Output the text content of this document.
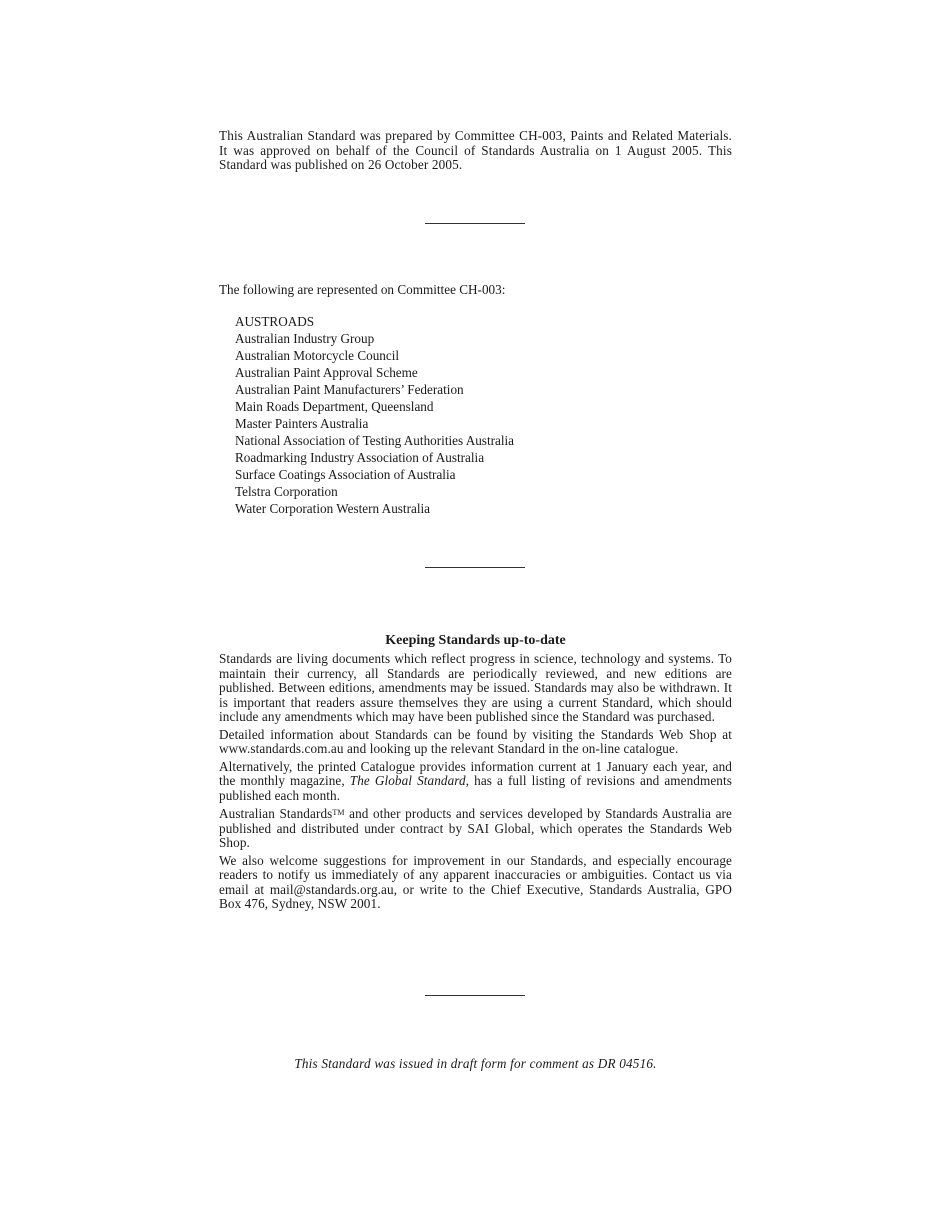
This Australian Standard was prepared by Committee CH-003, Paints and Related Materials. It was approved on behalf of the Council of Standards Australia on 1 August 2005. This Standard was published on 26 October 2005.

The following are represented on Committee CH-003:

AUSTROADS
Australian Industry Group
Australian Motorcycle Council
Australian Paint Approval Scheme
Australian Paint Manufacturers’ Federation
Main Roads Department, Queensland
Master Painters Australia
National Association of Testing Authorities Australia
Roadmarking Industry Association of Australia
Surface Coatings Association of Australia
Telstra Corporation
Water Corporation Western Australia
Keeping Standards up-to-date

Standards are living documents which reflect progress in science, technology and systems. To maintain their currency, all Standards are periodically reviewed, and new editions are published. Between editions, amendments may be issued. Standards may also be withdrawn. It is important that readers assure themselves they are using a current Standard, which should include any amendments which may have been published since the Standard was purchased.

Detailed information about Standards can be found by visiting the Standards Web Shop at www.standards.com.au and looking up the relevant Standard in the on-line catalogue.

Alternatively, the printed Catalogue provides information current at 1 January each year, and the monthly magazine, The Global Standard, has a full listing of revisions and amendments published each month.

Australian Standards™ and other products and services developed by Standards Australia are published and distributed under contract by SAI Global, which operates the Standards Web Shop.

We also welcome suggestions for improvement in our Standards, and especially encourage readers to notify us immediately of any apparent inaccuracies or ambiguities. Contact us via email at mail@standards.org.au, or write to the Chief Executive, Standards Australia, GPO Box 476, Sydney, NSW 2001.

This Standard was issued in draft form for comment as DR 04516.
